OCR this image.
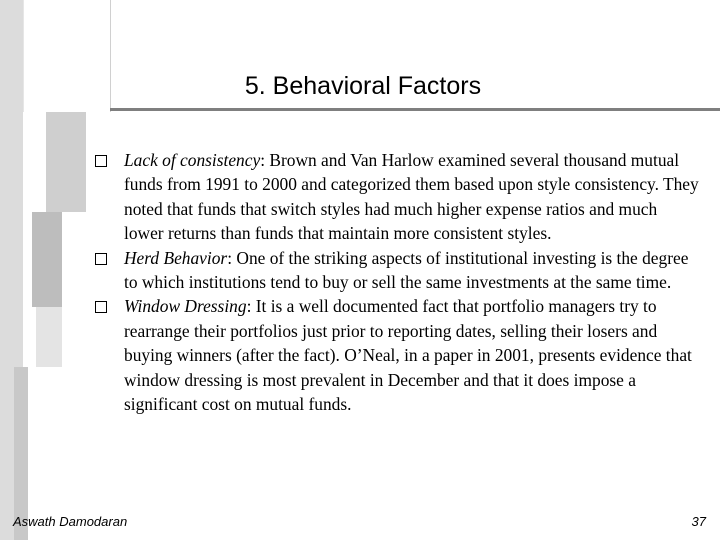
5. Behavioral Factors
Lack of consistency: Brown and Van Harlow examined several thousand mutual funds from 1991 to 2000 and categorized them based upon style consistency. They noted that funds that switch styles had much higher expense ratios and much lower returns than funds that maintain more consistent styles.
Herd Behavior: One of the striking aspects of institutional investing is the degree to which institutions tend to buy or sell the same investments at the same time.
Window Dressing: It is a well documented fact that portfolio managers try to rearrange their portfolios just prior to reporting dates, selling their losers and buying winners (after the fact). O’Neal, in a paper in 2001, presents evidence that window dressing is most prevalent in December and that it does impose a significant cost on mutual funds.
Aswath Damodaran	37
